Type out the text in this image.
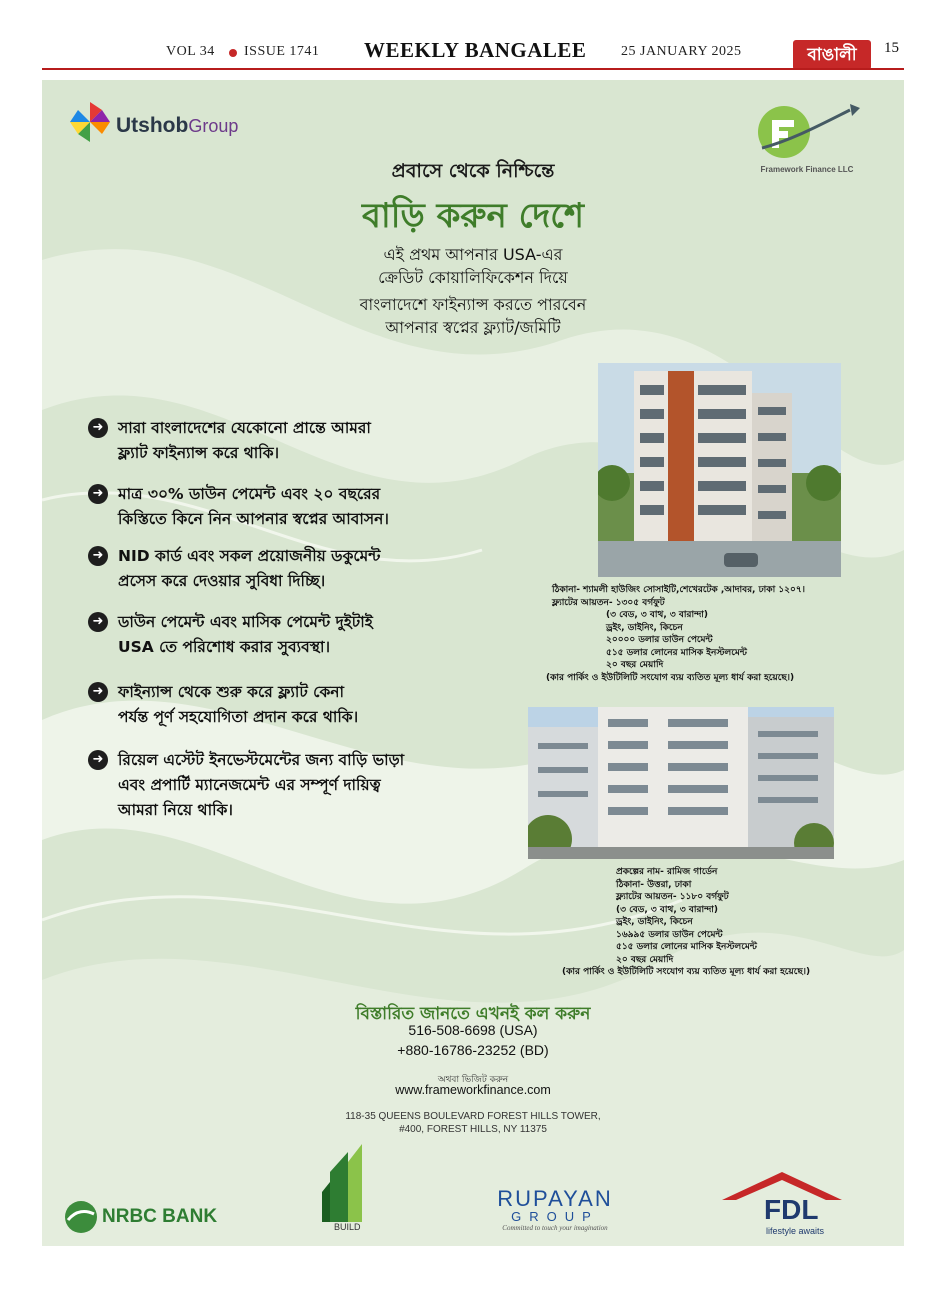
VOL 34 ISSUE 1741 WEEKLY BANGALEE 25 JANUARY 2025	বাঙালী	15
UtshobGroup
Framework Finance LLC
প্রবাসে থেকে নিশ্চিন্তে
বাড়ি করুন দেশে
এই প্রথম আপনার USA-এর
ক্রেডিট কোয়ালিফিকেশন দিয়ে
বাংলাদেশে ফাইন্যান্স করতে পারবেন
আপনার স্বপ্নের ফ্ল্যাট/জমিটি
➜ সারা বাংলাদেশের যেকোনো প্রান্তে আমরা
ফ্ল্যাট ফাইন্যান্স করে থাকি।
➜ মাত্র ৩০% ডাউন পেমেন্ট এবং ২০ বছরের
কিস্তিতে কিনে নিন আপনার স্বপ্নের আবাসন।
➜ NID কার্ড এবং সকল প্রয়োজনীয় ডকুমেন্ট
প্রসেস করে দেওয়ার সুবিধা দিচ্ছি।
➜ ডাউন পেমেন্ট এবং মাসিক পেমেন্ট দুইটাই
USA তে পরিশোধ করার সুব্যবস্থা।
➜ ফাইন্যান্স থেকে শুরু করে ফ্ল্যাট কেনা
পর্যন্ত পূর্ণ সহযোগিতা প্রদান করে থাকি।
➜ রিয়েল এস্টেট ইনভেস্টমেন্টের জন্য বাড়ি ভাড়া
এবং প্রপার্টি ম্যানেজমেন্ট এর সম্পূর্ণ দায়িত্ব
আমরা নিয়ে থাকি।
ঠিকানা- শ্যামলী হাউজিং সোসাইটি,শেখেরটেক ,আদাবর, ঢাকা ১২০৭।
ফ্ল্যাটের আয়তন- ১৩০৫ বর্গফুট
(৩ বেড, ৩ বাথ, ৩ বারান্দা)
ড্রইং, ডাইনিং, কিচেন
২০০০০ ডলার ডাউন পেমেন্ট
৫১৫ ডলার লোনের মাসিক ইনস্টলমেন্ট
২০ বছর মেয়াদি
(কার পার্কিং ও ইউটিলিটি সংযোগ ব্যয় ব্যতিত মূল্য ধার্য করা হয়েছে।)
প্রকল্পের নাম- রামিজ গার্ডেন
ঠিকানা- উত্তরা, ঢাকা
ফ্ল্যাটের আয়তন- ১১৮০ বর্গফুট
(৩ বেড, ৩ বাথ, ৩ বারান্দা)
ড্রইং, ডাইনিং, কিচেন
১৬৯৯৫ ডলার ডাউন পেমেন্ট
৫১৫ ডলার লোনের মাসিক ইনস্টলমেন্ট
২০ বছর মেয়াদি
(কার পার্কিং ও ইউটিলিটি সংযোগ ব্যয় ব্যতিত মূল্য ধার্য করা হয়েছে।)
বিস্তারিত জানতে এখনই কল করুন
516-508-6698 (USA)
+880-16786-23252 (BD)
অথবা ভিজিট করুন
www.frameworkfinance.com
118-35 QUEENS BOULEVARD FOREST HILLS TOWER,
#400, FOREST HILLS, NY 11375
NRBC BANK	BUILD
RUPAYAN
GROUP
Committed to touch your imagination
FDL
lifestyle awaits
